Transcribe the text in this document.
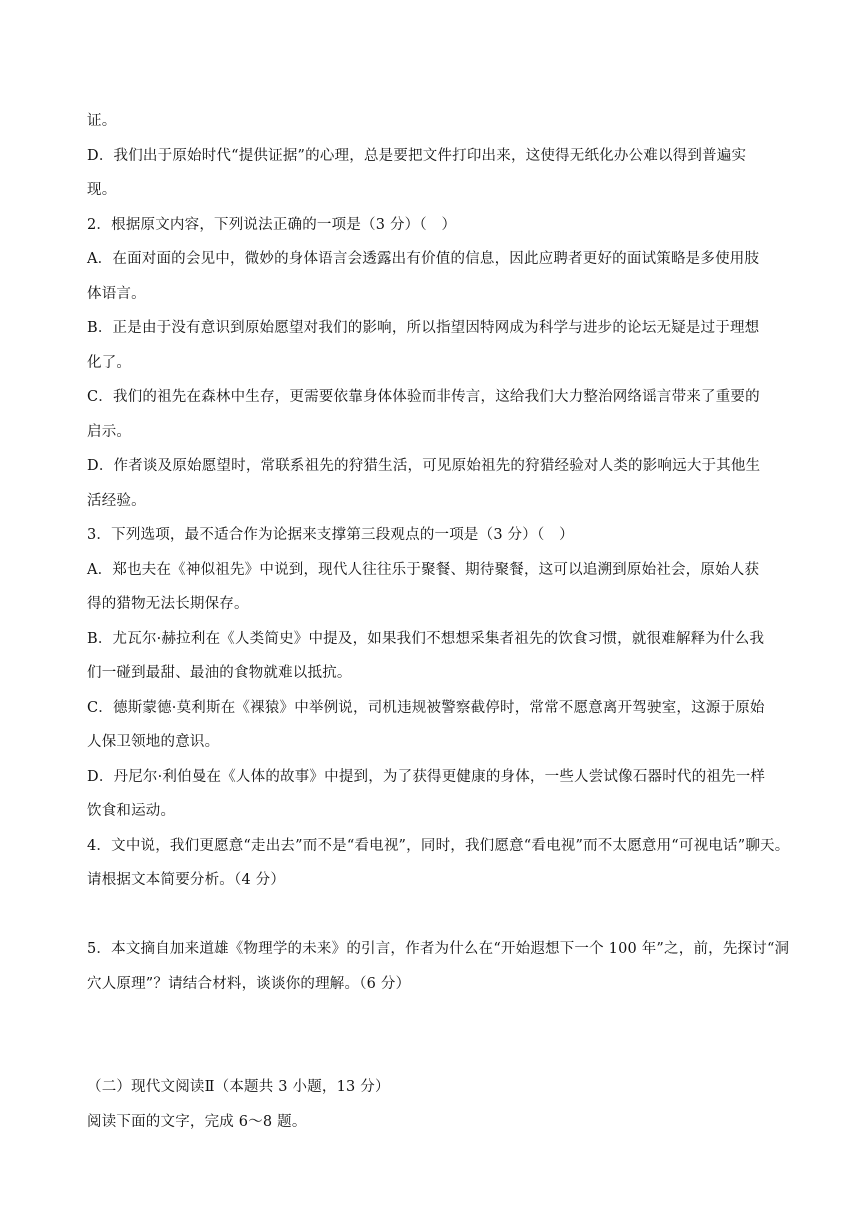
证。
D．我们出于原始时代“提供证据”的心理，总是要把文件打印出来，这使得无纸化办公难以得到普遍实
现。
2．根据原文内容，下列说法正确的一项是（3 分）（　）
A．在面对面的会见中，微妙的身体语言会透露出有价值的信息，因此应聘者更好的面试策略是多使用肢
体语言。
B．正是由于没有意识到原始愿望对我们的影响，所以指望因特网成为科学与进步的论坛无疑是过于理想
化了。
C．我们的祖先在森林中生存，更需要依靠身体体验而非传言，这给我们大力整治网络谣言带来了重要的
启示。
D．作者谈及原始愿望时，常联系祖先的狩猎生活，可见原始祖先的狩猎经验对人类的影响远大于其他生
活经验。
3．下列选项，最不适合作为论据来支撑第三段观点的一项是（3 分）（　）
A．郑也夫在《神似祖先》中说到，现代人往往乐于聚餐、期待聚餐，这可以追溯到原始社会，原始人获
得的猎物无法长期保存。
B．尤瓦尔·赫拉利在《人类简史》中提及，如果我们不想想采集者祖先的饮食习惯，就很难解释为什么我
们一碰到最甜、最油的食物就难以抵抗。
C．德斯蒙德·莫利斯在《裸猿》中举例说，司机违规被警察截停时，常常不愿意离开驾驶室，这源于原始
人保卫领地的意识。
D．丹尼尔·利伯曼在《人体的故事》中提到，为了获得更健康的身体，一些人尝试像石器时代的祖先一样
饮食和运动。
4．文中说，我们更愿意“走出去”而不是“看电视”，同时，我们愿意“看电视”而不太愿意用“可视电话”聊天。
请根据文本简要分析。（4 分）
5．本文摘自加来道雄《物理学的未来》的引言，作者为什么在“开始遐想下一个 100 年”之，前，先探讨“洞
穴人原理”？请结合材料，谈谈你的理解。（6 分）
（二）现代文阅读Ⅱ（本题共 3 小题，13 分）
阅读下面的文字，完成 6～8 题。
